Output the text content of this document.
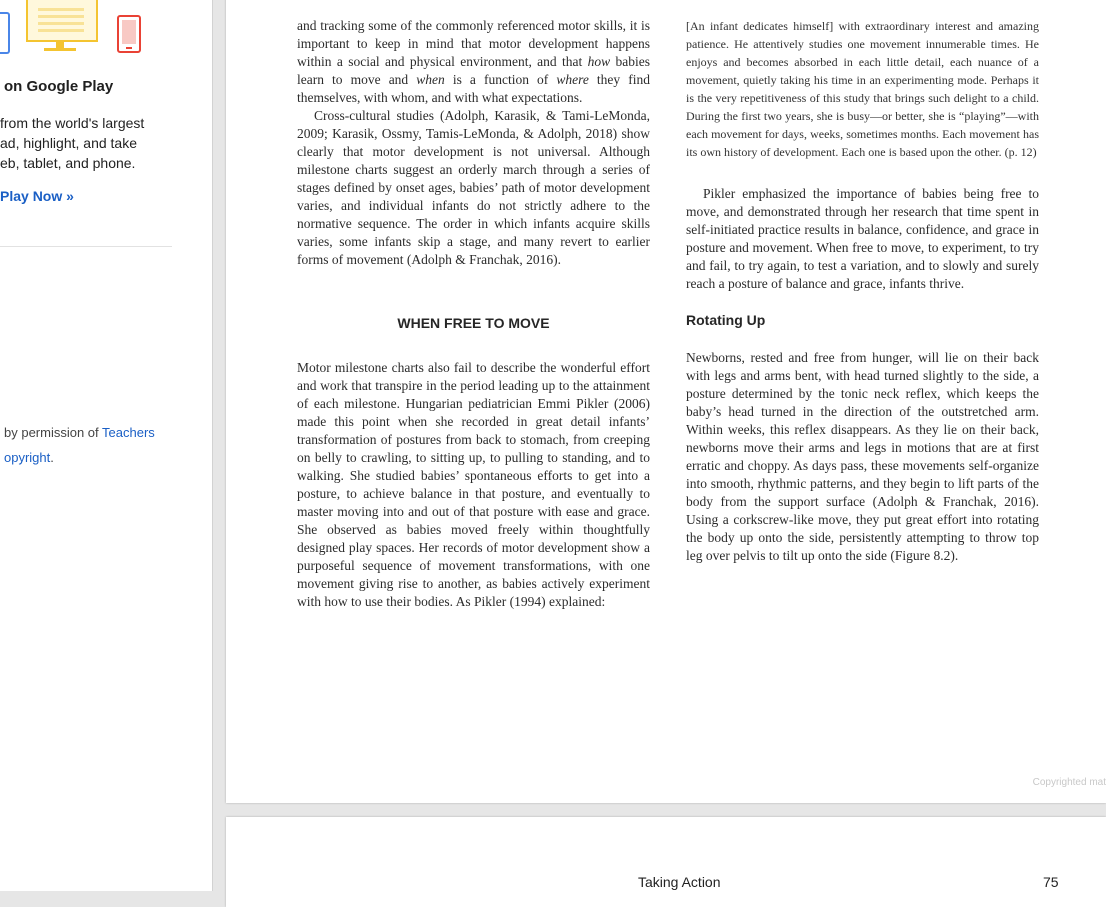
on Google Play
from the world's largest
ad, highlight, and take
eb, tablet, and phone.
Play Now »
by permission of Teachers
opyright.

and tracking some of the commonly referenced motor skills, it is important to keep in mind that motor development happens within a social and physical environment, and that how babies learn to move and when is a function of where they find themselves, with whom, and with what expectations.

Cross-cultural studies (Adolph, Karasik, & Tami-LeMonda, 2009; Karasik, Ossmy, Tamis-LeMonda, & Adolph, 2018) show clearly that motor development is not universal. Although milestone charts suggest an orderly march through a series of stages defined by onset ages, babies’ path of motor development varies, and individual infants do not strictly adhere to the normative sequence. The order in which infants acquire skills varies, some infants skip a stage, and many revert to earlier forms of movement (Adolph & Franchak, 2016).

WHEN FREE TO MOVE

Motor milestone charts also fail to describe the wonderful effort and work that transpire in the period leading up to the attainment of each milestone. Hungarian pediatrician Emmi Pikler (2006) made this point when she recorded in great detail infants’ transformation of postures from back to stomach, from creeping on belly to crawling, to sitting up, to pulling to standing, and to walking. She studied babies’ spontaneous efforts to get into a posture, to achieve balance in that posture, and eventually to master moving into and out of that posture with ease and grace. She observed as babies moved freely within thoughtfully designed play spaces. Her records of motor development show a purposeful sequence of movement transformations, with one movement giving rise to another, as babies actively experiment with how to use their bodies. As Pikler (1994) explained:

[An infant dedicates himself] with extraordinary interest and amazing patience. He attentively studies one movement innumerable times. He enjoys and becomes absorbed in each little detail, each nuance of a movement, quietly taking his time in an experimenting mode. Perhaps it is the very repetitiveness of this study that brings such delight to a child. During the first two years, she is busy—or better, she is “playing”—with each movement for days, weeks, sometimes months. Each movement has its own history of development. Each one is based upon the other. (p. 12)

Pikler emphasized the importance of babies being free to move, and demonstrated through her research that time spent in self-initiated practice results in balance, confidence, and grace in posture and movement. When free to move, to experiment, to try and fail, to try again, to test a variation, and to slowly and surely reach a posture of balance and grace, infants thrive.

Rotating Up

Newborns, rested and free from hunger, will lie on their back with legs and arms bent, with head turned slightly to the side, a posture determined by the tonic neck reflex, which keeps the baby’s head turned in the direction of the outstretched arm. Within weeks, this reflex disappears. As they lie on their back, newborns move their arms and legs in motions that are at first erratic and choppy. As days pass, these movements self-organize into smooth, rhythmic patterns, and they begin to lift parts of the body from the support surface (Adolph & Franchak, 2016). Using a corkscrew-like move, they put great effort into rotating the body up onto the side, persistently attempting to throw top leg over pelvis to tilt up onto the side (Figure 8.2).

Copyrighted mat
Taking Action	75
